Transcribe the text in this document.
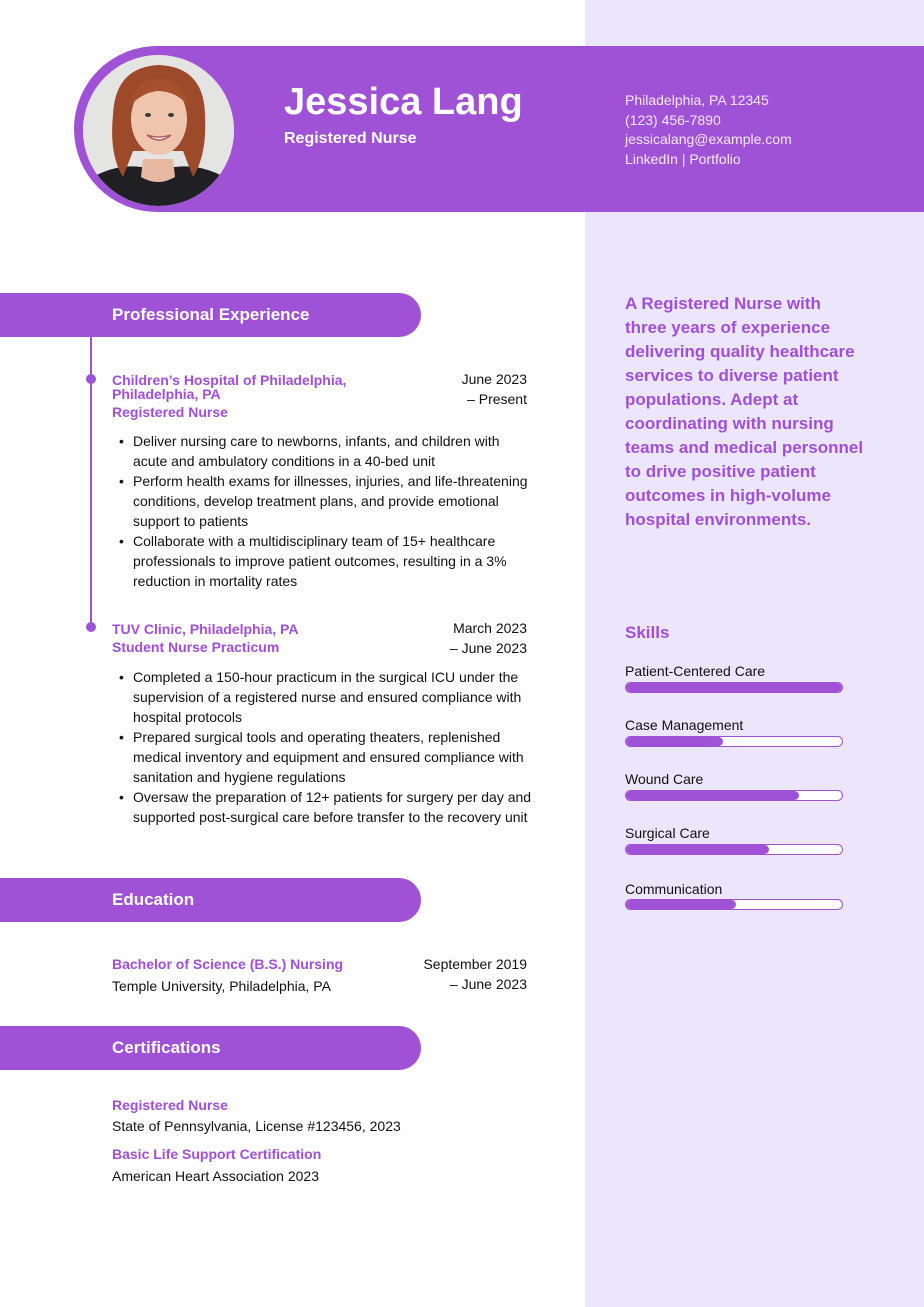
Jessica Lang
Registered Nurse
Philadelphia, PA 12345
(123) 456-7890
jessicalang@example.com
LinkedIn | Portfolio
Professional Experience
Children’s Hospital of Philadelphia,
Philadelphia, PA
Registered Nurse
June 2023
– Present
• Deliver nursing care to newborns, infants, and children with acute and ambulatory conditions in a 40-bed unit
• Perform health exams for illnesses, injuries, and life-threatening conditions, develop treatment plans, and provide emotional support to patients
• Collaborate with a multidisciplinary team of 15+ healthcare professionals to improve patient outcomes, resulting in a 3% reduction in mortality rates
TUV Clinic, Philadelphia, PA
Student Nurse Practicum
March 2023
– June 2023
• Completed a 150-hour practicum in the surgical ICU under the supervision of a registered nurse and ensured compliance with hospital protocols
• Prepared surgical tools and operating theaters, replenished medical inventory and equipment and ensured compliance with sanitation and hygiene regulations
• Oversaw the preparation of 12+ patients for surgery per day and supported post-surgical care before transfer to the recovery unit
Education
Bachelor of Science (B.S.) Nursing
Temple University, Philadelphia, PA
September 2019
– June 2023
Certifications
Registered Nurse
State of Pennsylvania, License #123456, 2023
Basic Life Support Certification
American Heart Association 2023
A Registered Nurse with three years of experience delivering quality healthcare services to diverse patient populations. Adept at coordinating with nursing teams and medical personnel to drive positive patient outcomes in high-volume hospital environments.
Skills
Patient-Centered Care
Case Management
Wound Care
Surgical Care
Communication
